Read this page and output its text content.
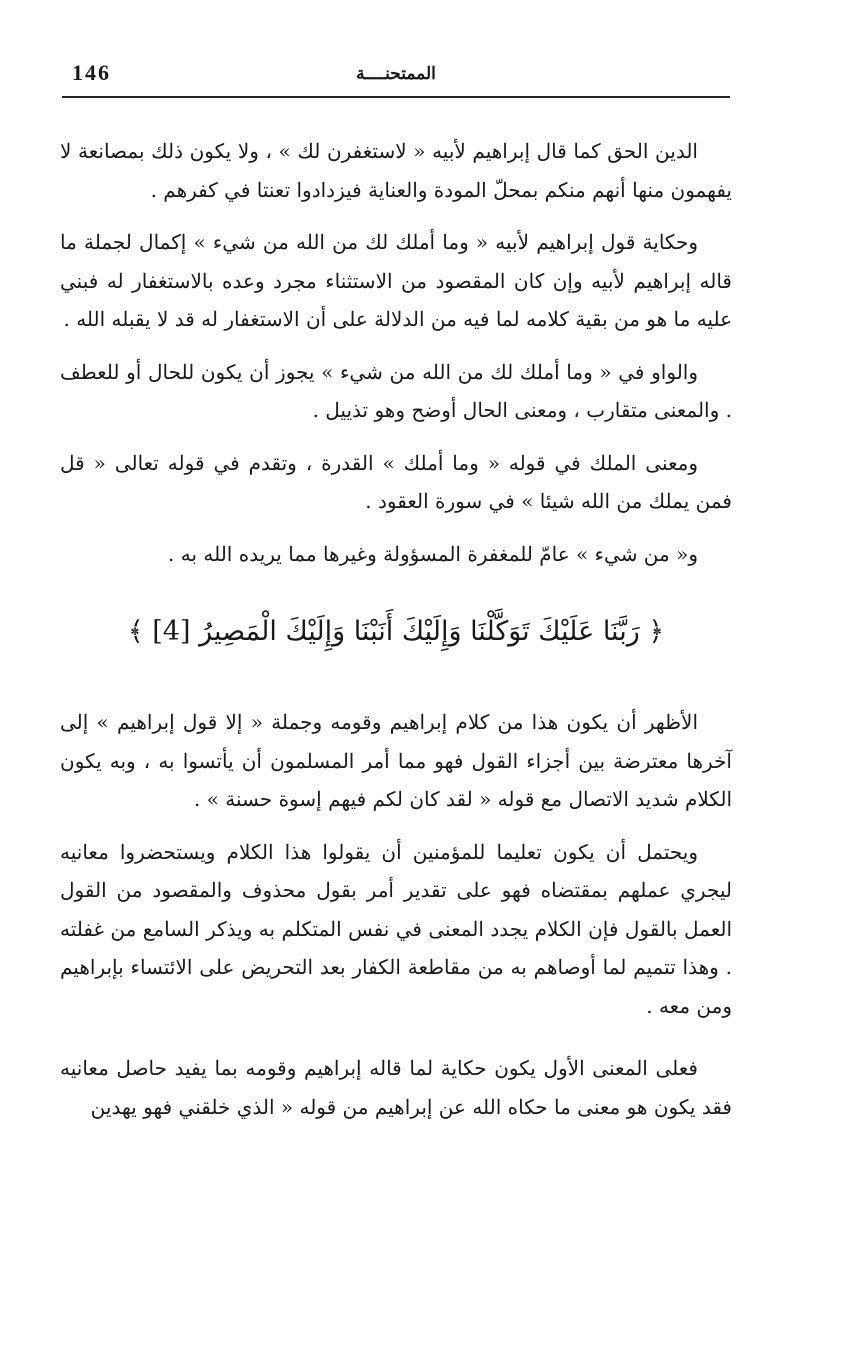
146	الممتحنــــة

الدين الحق كما قال إبراهيم لأبيه « لاستغفرن لك » ، ولا يكون ذلك بمصانعة لا يفهمون منها أنهم منكم بمحلّ المودة والعناية فيزدادوا تعنتا في كفرهم .

وحكاية قول إبراهيم لأبيه « وما أملك لك من الله من شيء » إكمال لجملة ما قاله إبراهيم لأبيه وإن كان المقصود من الاستثناء مجرد وعده بالاستغفار له فبني عليه ما هو من بقية كلامه لما فيه من الدلالة على أن الاستغفار له قد لا يقبله الله .

والواو في « وما أملك لك من الله من شيء » يجوز أن يكون للحال أو للعطف . والمعنى متقارب ، ومعنى الحال أوضح وهو تذييل .

ومعنى الملك في قوله « وما أملك » القدرة ، وتقدم في قوله تعالى « قل فمن يملك من الله شيئا » في سورة العقود .

و« من شيء » عامّ للمغفرة المسؤولة وغيرها مما يريده الله به .

﴿ رَبَّنَا عَلَيْكَ تَوَكَّلْنَا وَإِلَيْكَ أَنَبْنَا وَإِلَيْكَ الْمَصِيرُ [4] ﴾

الأظهر أن يكون هذا من كلام إبراهيم وقومه وجملة « إلا قول إبراهيم » إلى آخرها معترضة بين أجزاء القول فهو مما أمر المسلمون أن يأتسوا به ، وبه يكون الكلام شديد الاتصال مع قوله « لقد كان لكم فيهم إسوة حسنة » .

ويحتمل أن يكون تعليما للمؤمنين أن يقولوا هذا الكلام ويستحضروا معانيه ليجري عملهم بمقتضاه فهو على تقدير أمر بقول محذوف والمقصود من القول العمل بالقول فإن الكلام يجدد المعنى في نفس المتكلم به ويذكر السامع من غفلته . وهذا تتميم لما أوصاهم به من مقاطعة الكفار بعد التحريض على الائتساء بإبراهيم ومن معه .

فعلى المعنى الأول يكون حكاية لما قاله إبراهيم وقومه بما يفيد حاصل معانيه فقد يكون هو معنى ما حكاه الله عن إبراهيم من قوله « الذي خلقني فهو يهدين
